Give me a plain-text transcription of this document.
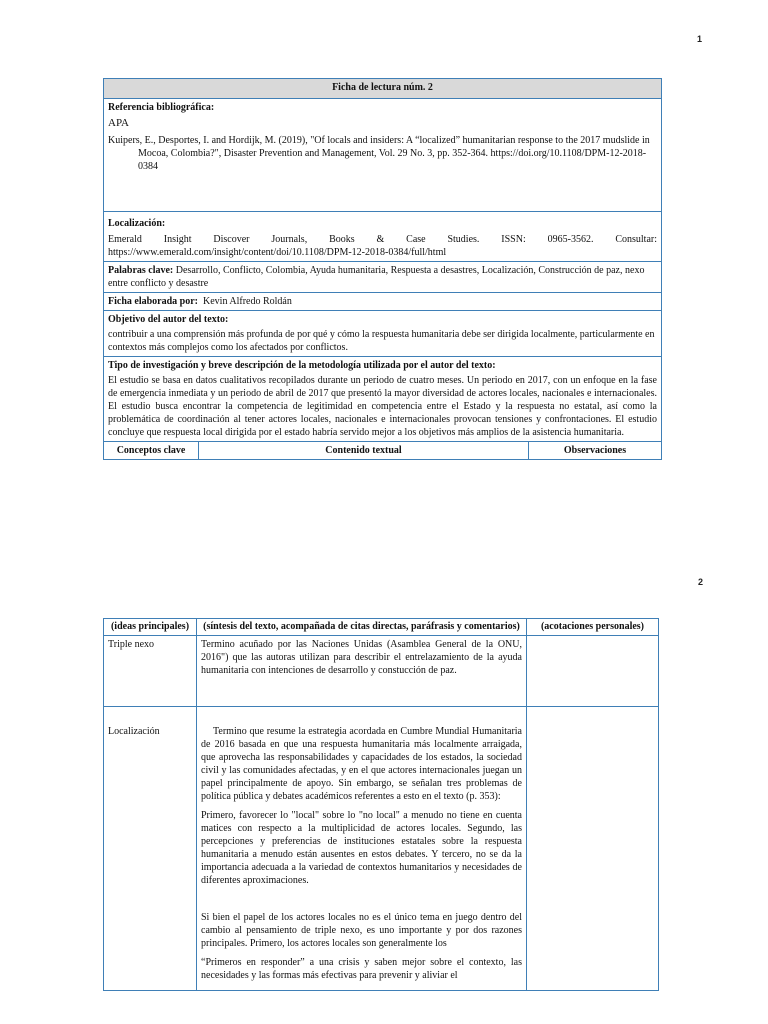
1
Ficha de lectura núm. 2

Referencia bibliográfica:
APA
Kuipers, E., Desportes, I. and Hordijk, M. (2019), "Of locals and insiders: A “localized” humanitarian response to the 2017 mudslide in Mocoa, Colombia?", Disaster Prevention and Management, Vol. 29 No. 3, pp. 352-364. https://doi.org/10.1108/DPM-12-2018-0384

Localización:
Emerald Insight Discover Journals, Books & Case Studies. ISSN: 0965-3562. Consultar: https://www.emerald.com/insight/content/doi/10.1108/DPM-12-2018-0384/full/html

Palabras clave: Desarrollo, Conflicto, Colombia, Ayuda humanitaria, Respuesta a desastres, Localización, Construcción de paz, nexo entre conflicto y desastre
Ficha elaborada por:  Kevin Alfredo Roldán

Objetivo del autor del texto:
contribuir a una comprensión más profunda de por qué y cómo la respuesta humanitaria debe ser dirigida localmente, particularmente en contextos más complejos como los afectados por conflictos.

Tipo de investigación y breve descripción de la metodología utilizada por el autor del texto:
El estudio se basa en datos cualitativos recopilados durante un periodo de cuatro meses. Un periodo en 2017, con un enfoque en la fase de emergencia inmediata y un periodo de abril de 2017 que presentó la mayor diversidad de actores locales, nacionales e internacionales. El estudio busca encontrar la competencia de legitimidad en competencia entre el Estado y la respuesta no estatal, así como la problemática de coordinación al tener actores locales, nacionales e internacionales provocan tensiones y confrontaciones. El estudio concluye que respuesta local dirigida por el estado habría servido mejor a los objetivos más amplios de la asistencia humanitaria.

Conceptos clave	Contenido textual	Observaciones
2
(ideas principales)	(síntesis del texto, acompañada de citas directas, paráfrasis y comentarios)	(acotaciones personales)
Triple nexo	Termino acuñado por las Naciones Unidas (Asamblea General de la ONU, 2016") que las autoras utilizan para describir el entrelazamiento de la ayuda humanitaria con intenciones de desarrollo y constucción de paz.	

Localización	Termino que resume la estrategia acordada en Cumbre Mundial Humanitaria de 2016 basada en que una respuesta humanitaria más localmente arraigada, que aprovecha las responsabilidades y capacidades de los estados, la sociedad civil y las comunidades afectadas, y en el que actores internacionales juegan un papel principalmente de apoyo. Sin embargo, se señalan tres problemas de política pública y debates académicos referentes a esto en el texto (p. 353):

Primero, favorecer lo "local" sobre lo "no local" a menudo no tiene en cuenta matices con respecto a la multiplicidad de actores locales. Segundo, las percepciones y preferencias de instituciones estatales sobre la respuesta humanitaria a menudo están ausentes en estos debates. Y tercero, no se da la importancia adecuada a la variedad de contextos humanitarios y necesidades de diferentes aproximaciones.

Si bien el papel de los actores locales no es el único tema en juego dentro del cambio al pensamiento de triple nexo, es uno importante y por dos razones principales. Primero, los actores locales son generalmente los

“Primeros en responder” a una crisis y saben mejor sobre el contexto, las necesidades y las formas más efectivas para prevenir y aliviar el	
